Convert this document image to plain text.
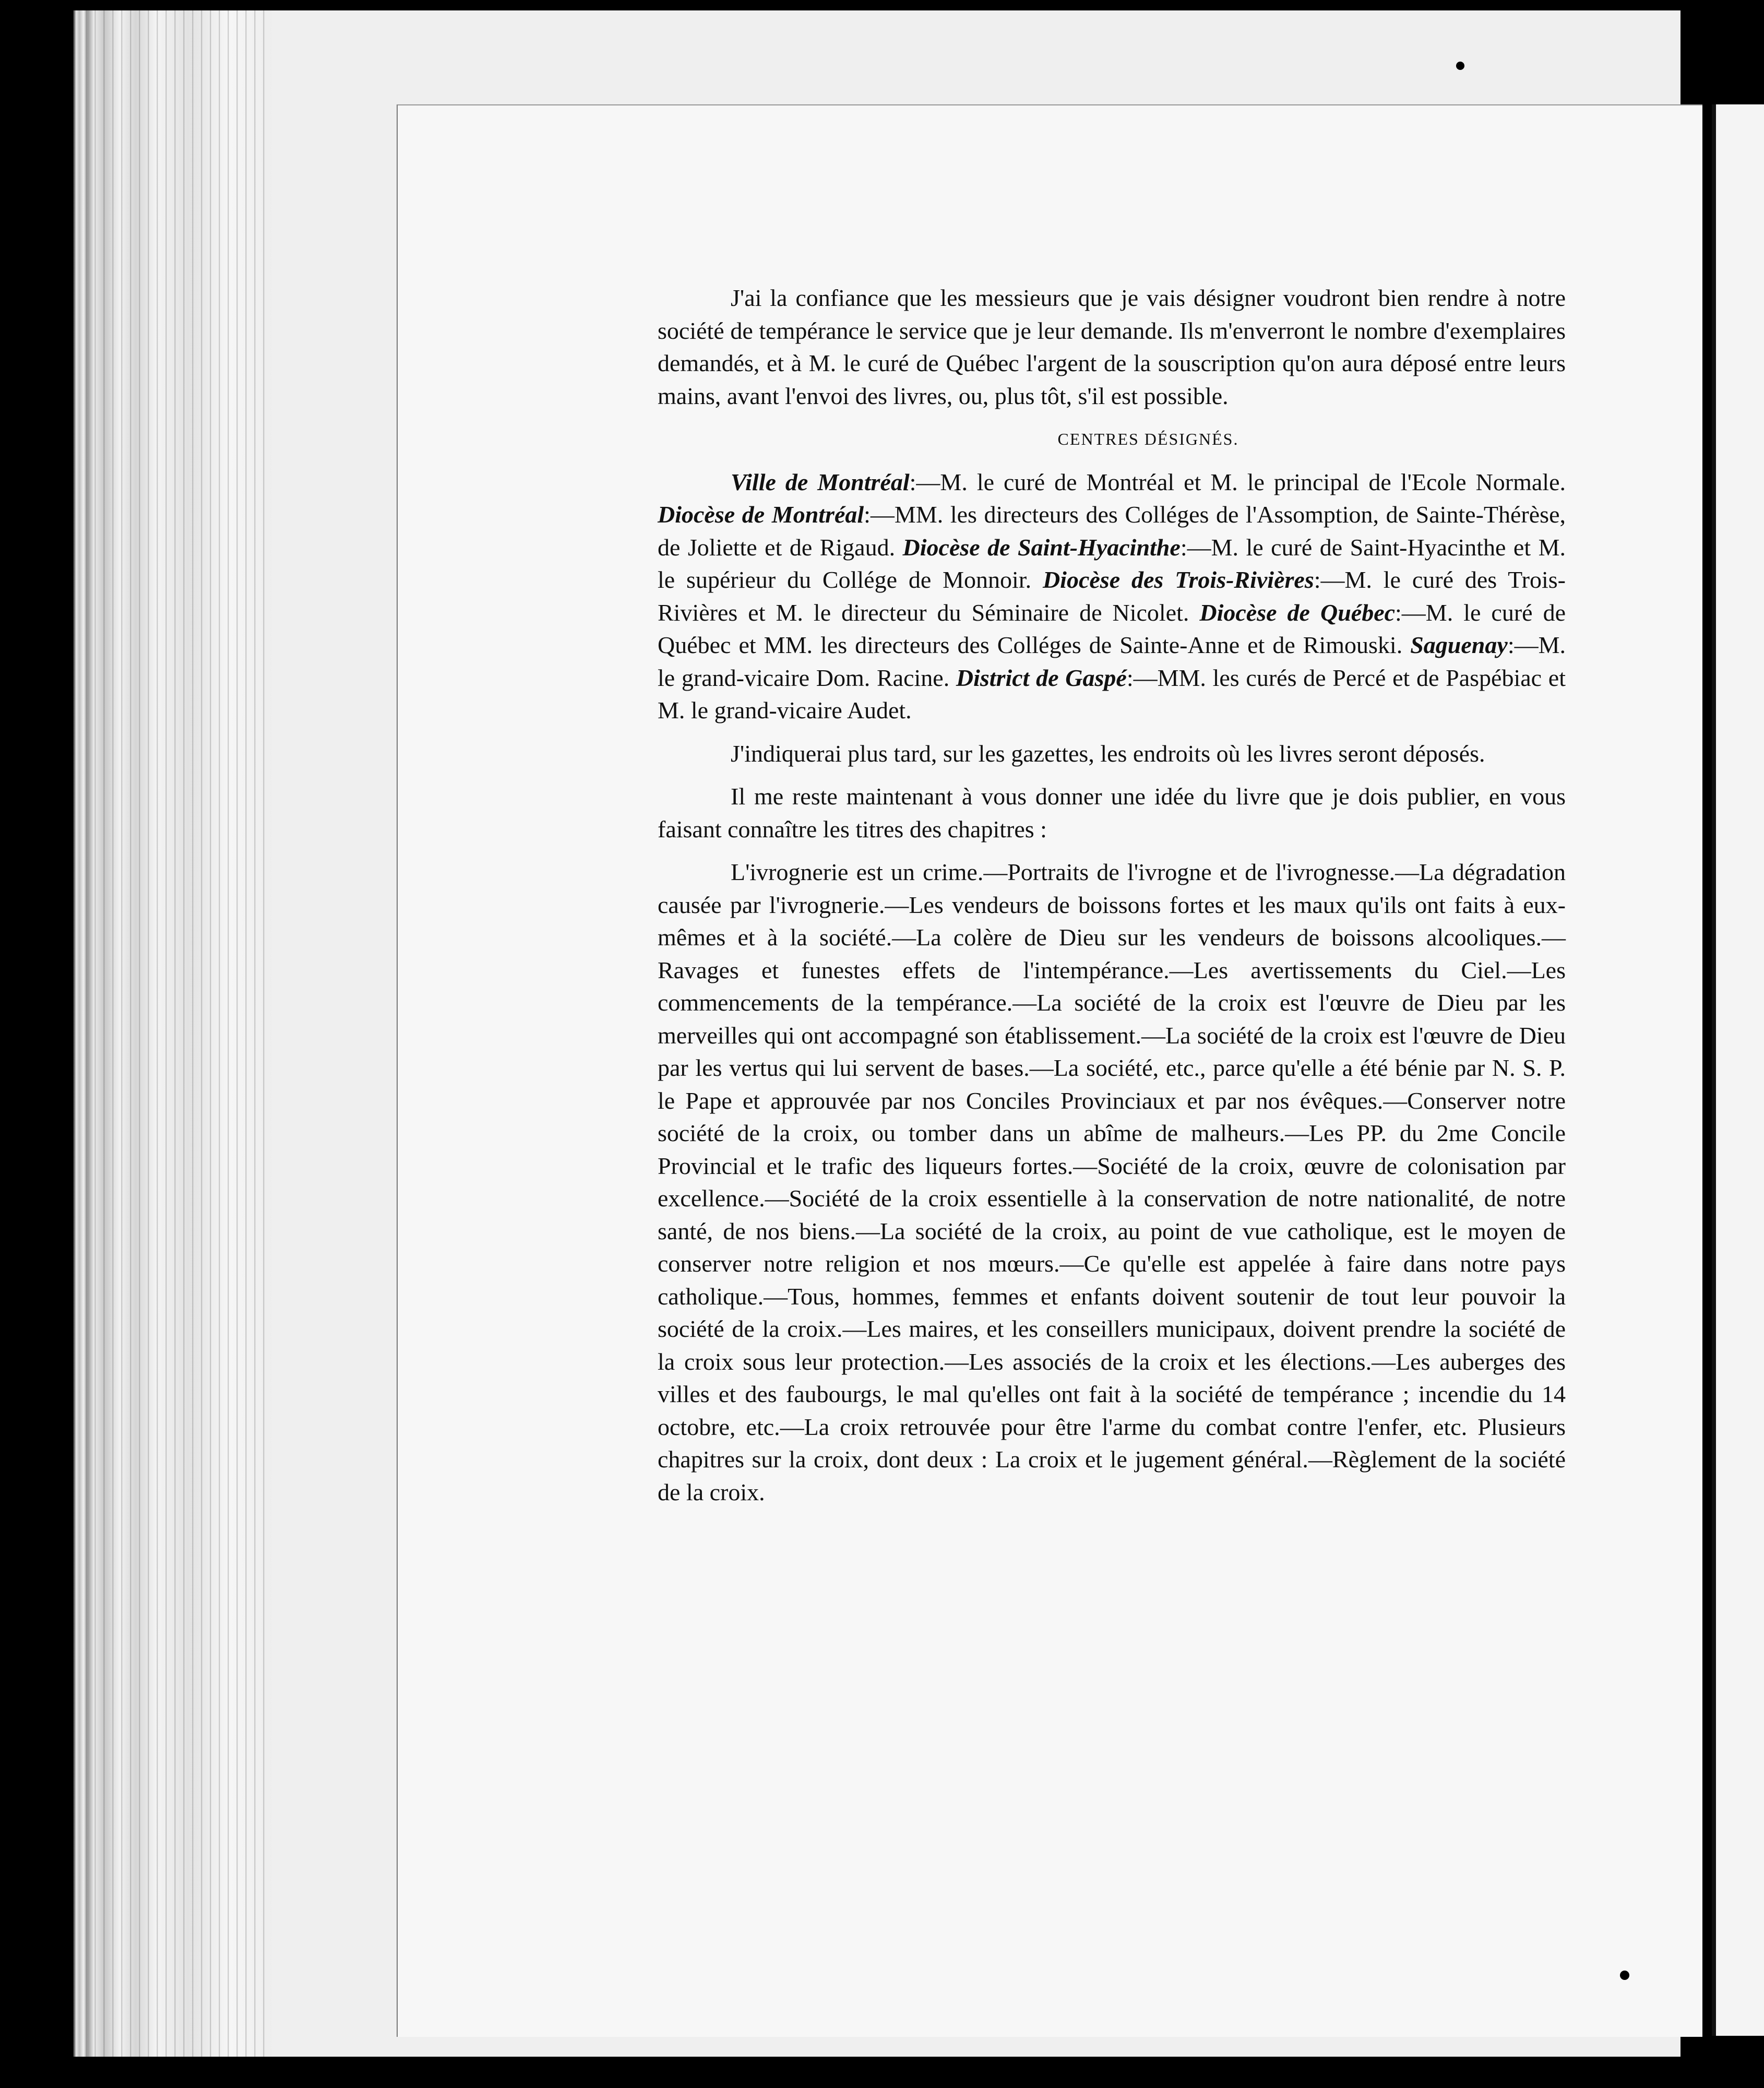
J'ai la confiance que les messieurs que je vais désigner voudront bien rendre à notre société de tempérance le service que je leur demande. Ils m'enverront le nombre d'exemplaires demandés, et à M. le curé de Québec l'argent de la souscription qu'on aura déposé entre leurs mains, avant l'envoi des livres, ou, plus tôt, s'il est possible.

CENTRES DÉSIGNÉS.

Ville de Montréal:—M. le curé de Montréal et M. le principal de l'Ecole Normale. Diocèse de Montréal:—MM. les directeurs des Colléges de l'Assomption, de Sainte-Thérèse, de Joliette et de Rigaud. Diocèse de Saint-Hyacinthe:—M. le curé de Saint-Hyacinthe et M. le supérieur du Collége de Monnoir. Diocèse des Trois-Rivières:—M. le curé des Trois-Rivières et M. le directeur du Séminaire de Nicolet. Diocèse de Québec:—M. le curé de Québec et MM. les directeurs des Colléges de Sainte-Anne et de Rimouski. Saguenay:—M. le grand-vicaire Dom. Racine. District de Gaspé:—MM. les curés de Percé et de Paspébiac et M. le grand-vicaire Audet.

J'indiquerai plus tard, sur les gazettes, les endroits où les livres seront déposés.

Il me reste maintenant à vous donner une idée du livre que je dois publier, en vous faisant connaître les titres des chapitres :

L'ivrognerie est un crime.—Portraits de l'ivrogne et de l'ivrognesse.—La dégradation causée par l'ivrognerie.—Les vendeurs de boissons fortes et les maux qu'ils ont faits à eux-mêmes et à la société.—La colère de Dieu sur les vendeurs de boissons alcooliques.—Ravages et funestes effets de l'intempérance.—Les avertissements du Ciel.—Les commencements de la tempérance.—La société de la croix est l'œuvre de Dieu par les merveilles qui ont accompagné son établissement.—La société de la croix est l'œuvre de Dieu par les vertus qui lui servent de bases.—La société, etc., parce qu'elle a été bénie par N. S. P. le Pape et approuvée par nos Conciles Provinciaux et par nos évêques.—Conserver notre société de la croix, ou tomber dans un abîme de malheurs.—Les PP. du 2me Concile Provincial et le trafic des liqueurs fortes.—Société de la croix, œuvre de colonisation par excellence.—Société de la croix essentielle à la conservation de notre nationalité, de notre santé, de nos biens.—La société de la croix, au point de vue catholique, est le moyen de conserver notre religion et nos mœurs.—Ce qu'elle est appelée à faire dans notre pays catholique.—Tous, hommes, femmes et enfants doivent soutenir de tout leur pouvoir la société de la croix.—Les maires, et les conseillers municipaux, doivent prendre la société de la croix sous leur protection.—Les associés de la croix et les élections.—Les auberges des villes et des faubourgs, le mal qu'elles ont fait à la société de tempérance ; incendie du 14 octobre, etc.—La croix retrouvée pour être l'arme du combat contre l'enfer, etc. Plusieurs chapitres sur la croix, dont deux : La croix et le jugement général.—Règlement de la société de la croix.
